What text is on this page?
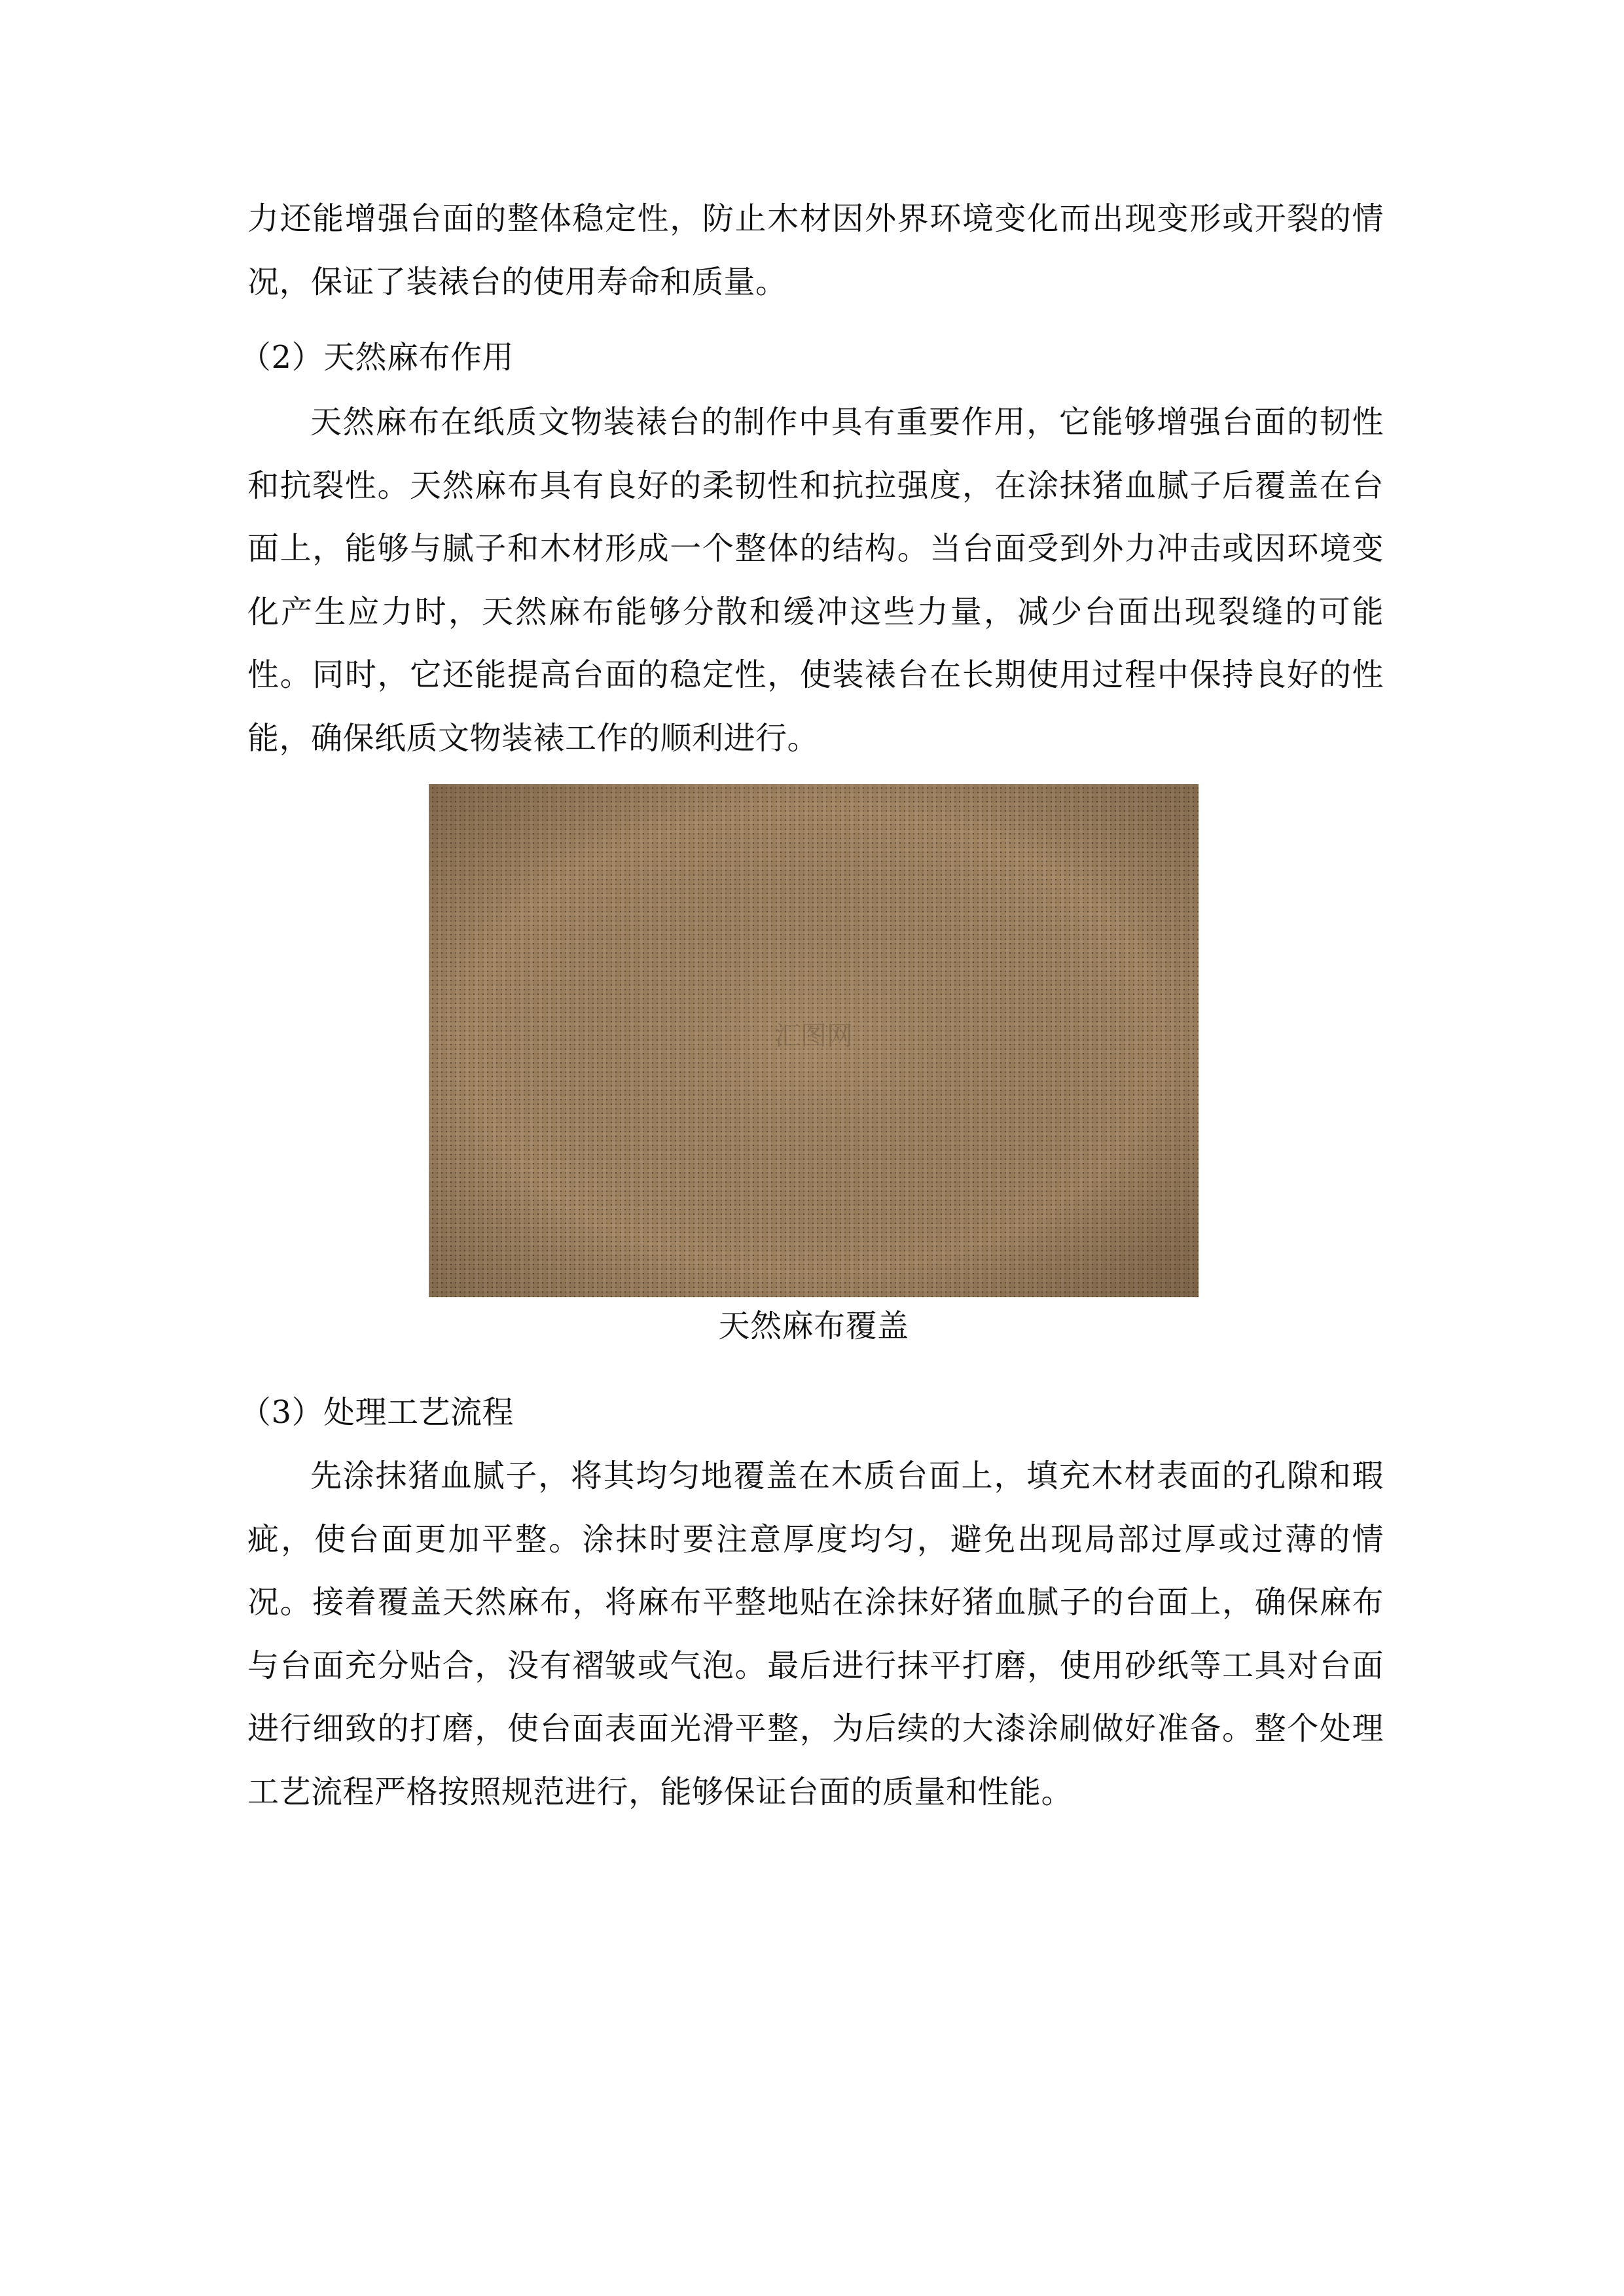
力还能增强台面的整体稳定性，防止木材因外界环境变化而出现变形或开裂的情况，保证了装裱台的使用寿命和质量。

（2）天然麻布作用

天然麻布在纸质文物装裱台的制作中具有重要作用，它能够增强台面的韧性和抗裂性。天然麻布具有良好的柔韧性和抗拉强度，在涂抹猪血腻子后覆盖在台面上，能够与腻子和木材形成一个整体的结构。当台面受到外力冲击或因环境变化产生应力时，天然麻布能够分散和缓冲这些力量，减少台面出现裂缝的可能性。同时，它还能提高台面的稳定性，使装裱台在长期使用过程中保持良好的性能，确保纸质文物装裱工作的顺利进行。

汇图网
天然麻布覆盖
（3）处理工艺流程

先涂抹猪血腻子，将其均匀地覆盖在木质台面上，填充木材表面的孔隙和瑕疵，使台面更加平整。涂抹时要注意厚度均匀，避免出现局部过厚或过薄的情况。接着覆盖天然麻布，将麻布平整地贴在涂抹好猪血腻子的台面上，确保麻布与台面充分贴合，没有褶皱或气泡。最后进行抹平打磨，使用砂纸等工具对台面进行细致的打磨，使台面表面光滑平整，为后续的大漆涂刷做好准备。整个处理工艺流程严格按照规范进行，能够保证台面的质量和性能。
